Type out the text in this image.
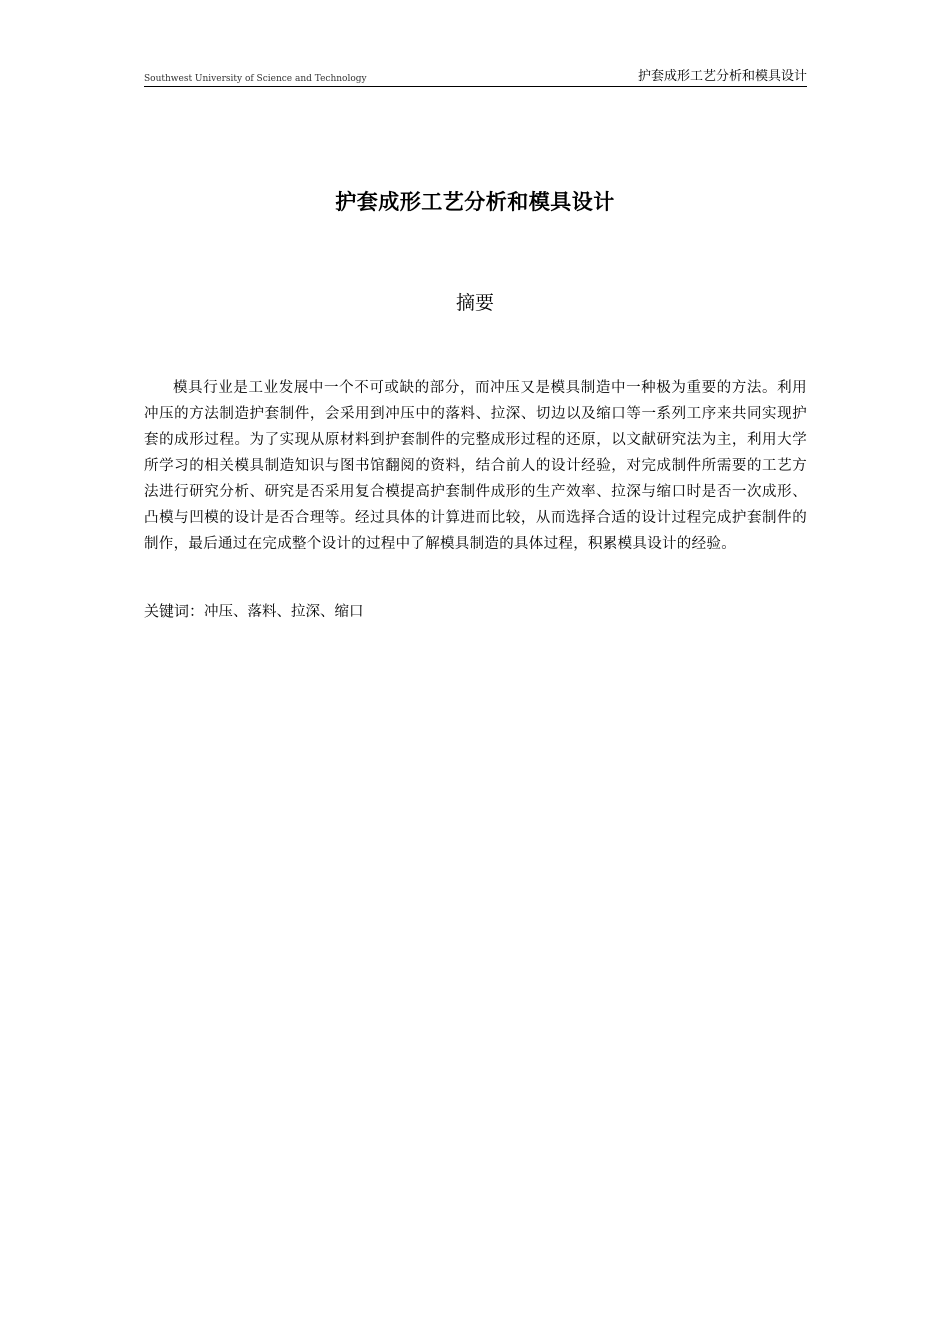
Southwest University of Science and Technology	护套成形工艺分析和模具设计
护套成形工艺分析和模具设计
摘要

模具行业是工业发展中一个不可或缺的部分，而冲压又是模具制造中一种极为重要的方法。利用冲压的方法制造护套制件，会采用到冲压中的落料、拉深、切边以及缩口等一系列工序来共同实现护套的成形过程。为了实现从原材料到护套制件的完整成形过程的还原，以文献研究法为主，利用大学所学习的相关模具制造知识与图书馆翻阅的资料，结合前人的设计经验，对完成制件所需要的工艺方法进行研究分析、研究是否采用复合模提高护套制件成形的生产效率、拉深与缩口时是否一次成形、凸模与凹模的设计是否合理等。经过具体的计算进而比较，从而选择合适的设计过程完成护套制件的制作，最后通过在完成整个设计的过程中了解模具制造的具体过程，积累模具设计的经验。

关键词：冲压、落料、拉深、缩口
